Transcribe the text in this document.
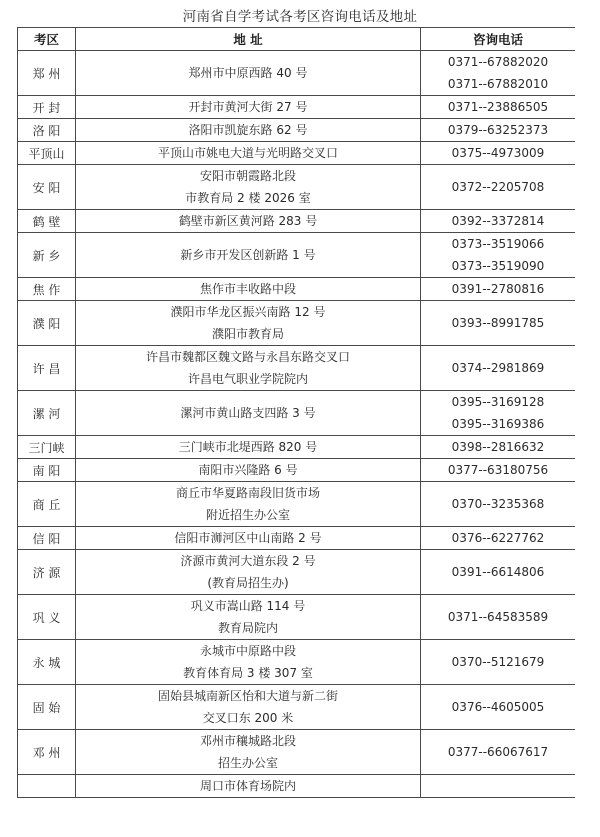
河南省自学考试各考区咨询电话及地址
考区	地 址	咨询电话
郑 州	郑州市中原西路 40 号	0371--67882020
0371--67882010

开 封	开封市黄河大街 27 号	0371--23886505

洛 阳	洛阳市凯旋东路 62 号	0379--63252373

平顶山	平顶山市姚电大道与光明路交叉口	0375--4973009

安 阳	安阳市朝霞路北段
市教育局 2 楼 2026 室	0372--2205708

鹤 壁	鹤壁市新区黄河路 283 号	0392--3372814

新 乡	新乡市开发区创新路 1 号	0373--3519066
0373--3519090

焦 作	焦作市丰收路中段	0391--2780816

濮 阳	濮阳市华龙区振兴南路 12 号
濮阳市教育局	0393--8991785

许 昌	许昌市魏都区魏文路与永昌东路交叉口
许昌电气职业学院院内	0374--2981869

漯 河	漯河市黄山路支四路 3 号	0395--3169128
0395--3169386

三门峡	三门峡市北堤西路 820 号	0398--2816632

南 阳	南阳市兴隆路 6 号	0377--63180756

商 丘	商丘市华夏路南段旧货市场
附近招生办公室	0370--3235368

信 阳	信阳市浉河区中山南路 2 号	0376--6227762

济 源	济源市黄河大道东段 2 号
(教育局招生办)	0391--6614806

巩 义	巩义市嵩山路 114 号
教育局院内	0371--64583589

永 城	永城市中原路中段
教育体育局 3 楼 307 室	0370--5121679

固 始	固始县城南新区怡和大道与新二街
交叉口东 200 米	0376--4605005

邓 州	邓州市穰城路北段
招生办公室	0377--66067617

	周口市体育场院内	
